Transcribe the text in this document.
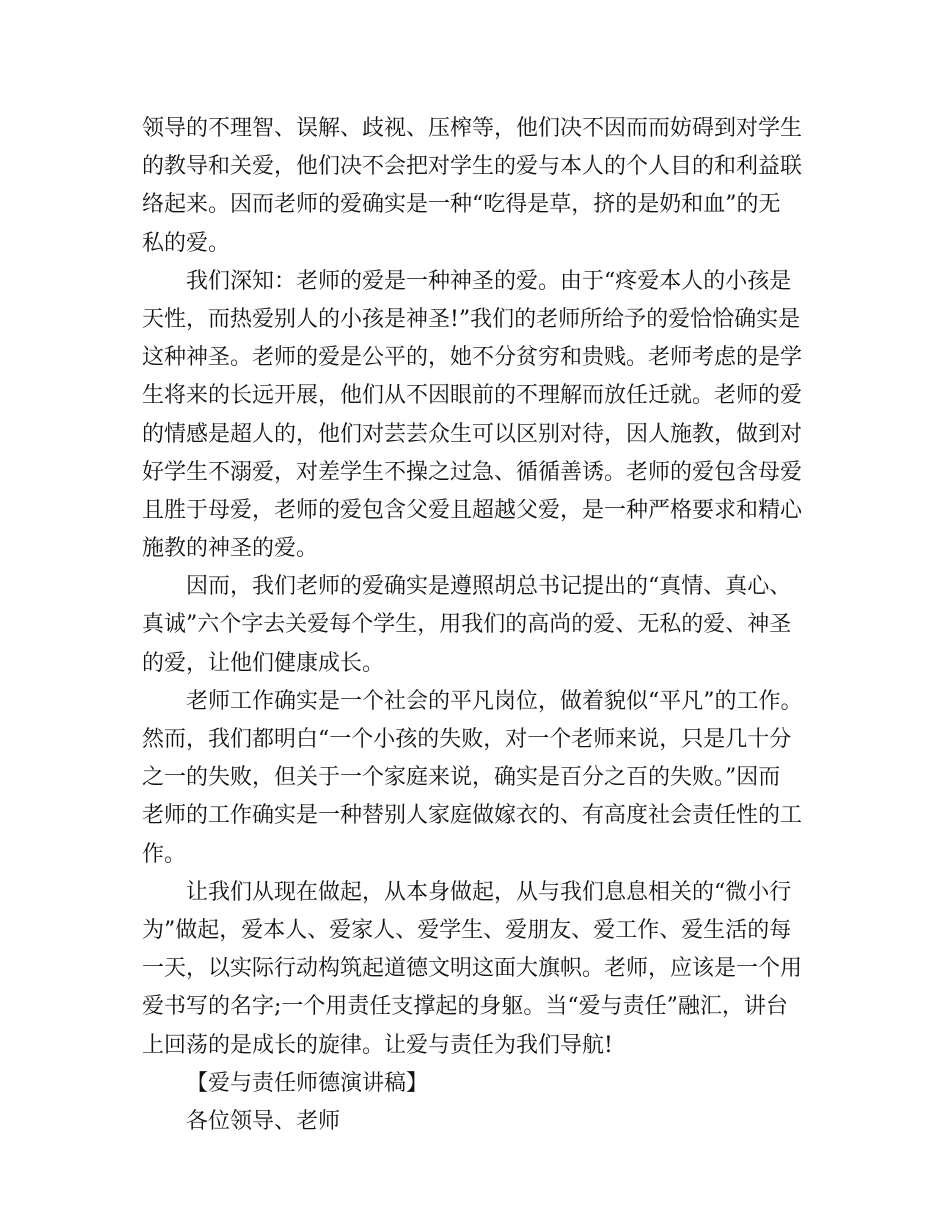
领导的不理智、误解、歧视、压榨等，他们决不因而而妨碍到对学生
的教导和关爱，他们决不会把对学生的爱与本人的个人目的和利益联
络起来。因而老师的爱确实是一种“吃得是草，挤的是奶和血”的无
私的爱。
我们深知：老师的爱是一种神圣的爱。由于“疼爱本人的小孩是
天性，而热爱别人的小孩是神圣!”我们的老师所给予的爱恰恰确实是
这种神圣。老师的爱是公平的，她不分贫穷和贵贱。老师考虑的是学
生将来的长远开展，他们从不因眼前的不理解而放任迁就。老师的爱
的情感是超人的，他们对芸芸众生可以区别对待，因人施教，做到对
好学生不溺爱，对差学生不操之过急、循循善诱。老师的爱包含母爱
且胜于母爱，老师的爱包含父爱且超越父爱，是一种严格要求和精心
施教的神圣的爱。
因而，我们老师的爱确实是遵照胡总书记提出的“真情、真心、
真诚”六个字去关爱每个学生，用我们的高尚的爱、无私的爱、神圣
的爱，让他们健康成长。
老师工作确实是一个社会的平凡岗位，做着貌似“平凡”的工作。
然而，我们都明白“一个小孩的失败，对一个老师来说，只是几十分
之一的失败，但关于一个家庭来说，确实是百分之百的失败。”因而
老师的工作确实是一种替别人家庭做嫁衣的、有高度社会责任性的工
作。
让我们从现在做起，从本身做起，从与我们息息相关的“微小行
为”做起，爱本人、爱家人、爱学生、爱朋友、爱工作、爱生活的每
一天，以实际行动构筑起道德文明这面大旗帜。老师，应该是一个用
爱书写的名字;一个用责任支撑起的身躯。当“爱与责任”融汇，讲台
上回荡的是成长的旋律。让爱与责任为我们导航!
【爱与责任师德演讲稿】
各位领导、老师
